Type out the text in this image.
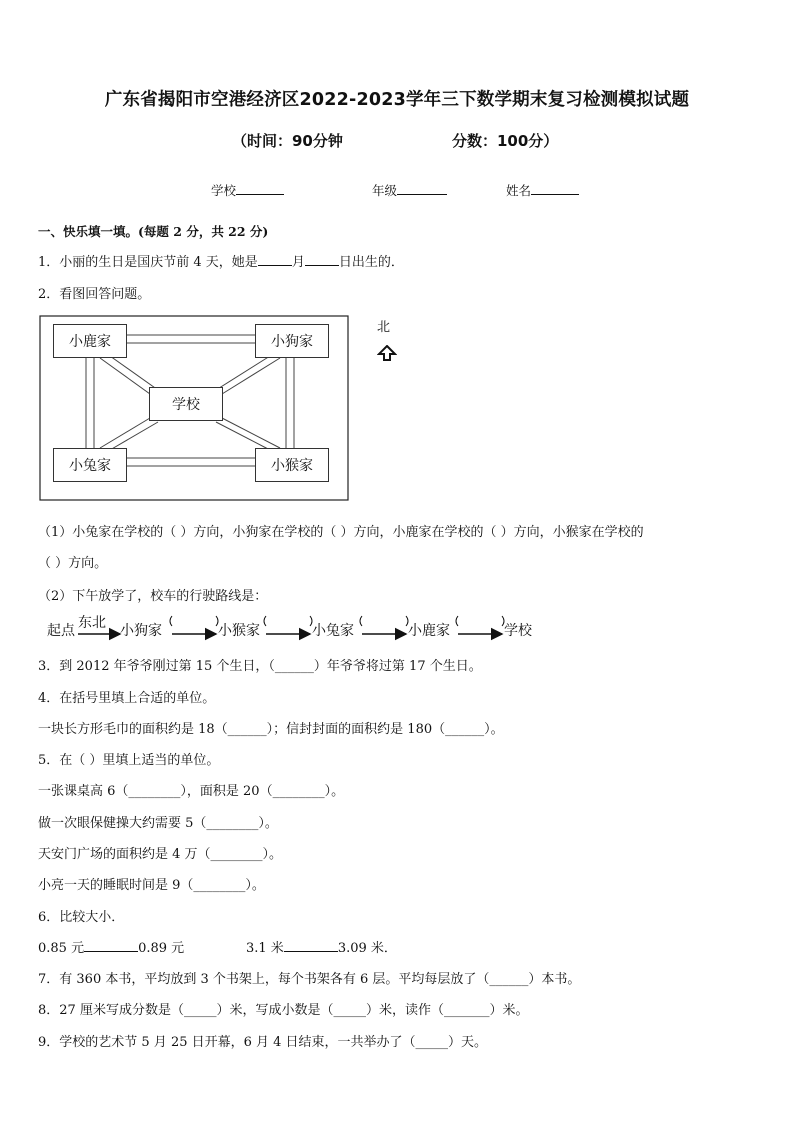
广东省揭阳市空港经济区2022-2023学年三下数学期末复习检测模拟试题
（时间：90分钟	分数：100分）
学校	年级	姓名
一、快乐填一填。(每题 2 分，共 22 分)
1．小丽的生日是国庆节前 4 天，她是	月	日出生的．
2．看图回答问题。
小鹿家	小狗家
学校
小兔家	小猴家
北
（1）小兔家在学校的（ ）方向，小狗家在学校的（ ）方向，小鹿家在学校的（ ）方向，小猴家在学校的
（ ）方向。
（2）下午放学了，校车的行驶路线是：
起点 东北 小狗家	小猴家	小兔家	小鹿家	学校
3．到 2012 年爷爷刚过第 15 个生日，（______）年爷爷将过第 17 个生日。
4．在括号里填上合适的单位。
一块长方形毛巾的面积约是 18（______）；信封封面的面积约是 180（______）。
5．在（ ）里填上适当的单位。
一张课桌高 6（________），面积是 20（________）。
做一次眼保健操大约需要 5（________）。
天安门广场的面积约是 4 万（________）。
小亮一天的睡眠时间是 9（________）。
6．比较大小．
0.85 元	0.89 元	3.1 米	3.09 米．
7．有 360 本书，平均放到 3 个书架上，每个书架各有 6 层。平均每层放了（______）本书。
8．27 厘米写成分数是（_____）米，写成小数是（_____）米，读作（_______）米。
9．学校的艺术节 5 月 25 日开幕，6 月 4 日结束，一共举办了（_____）天。
